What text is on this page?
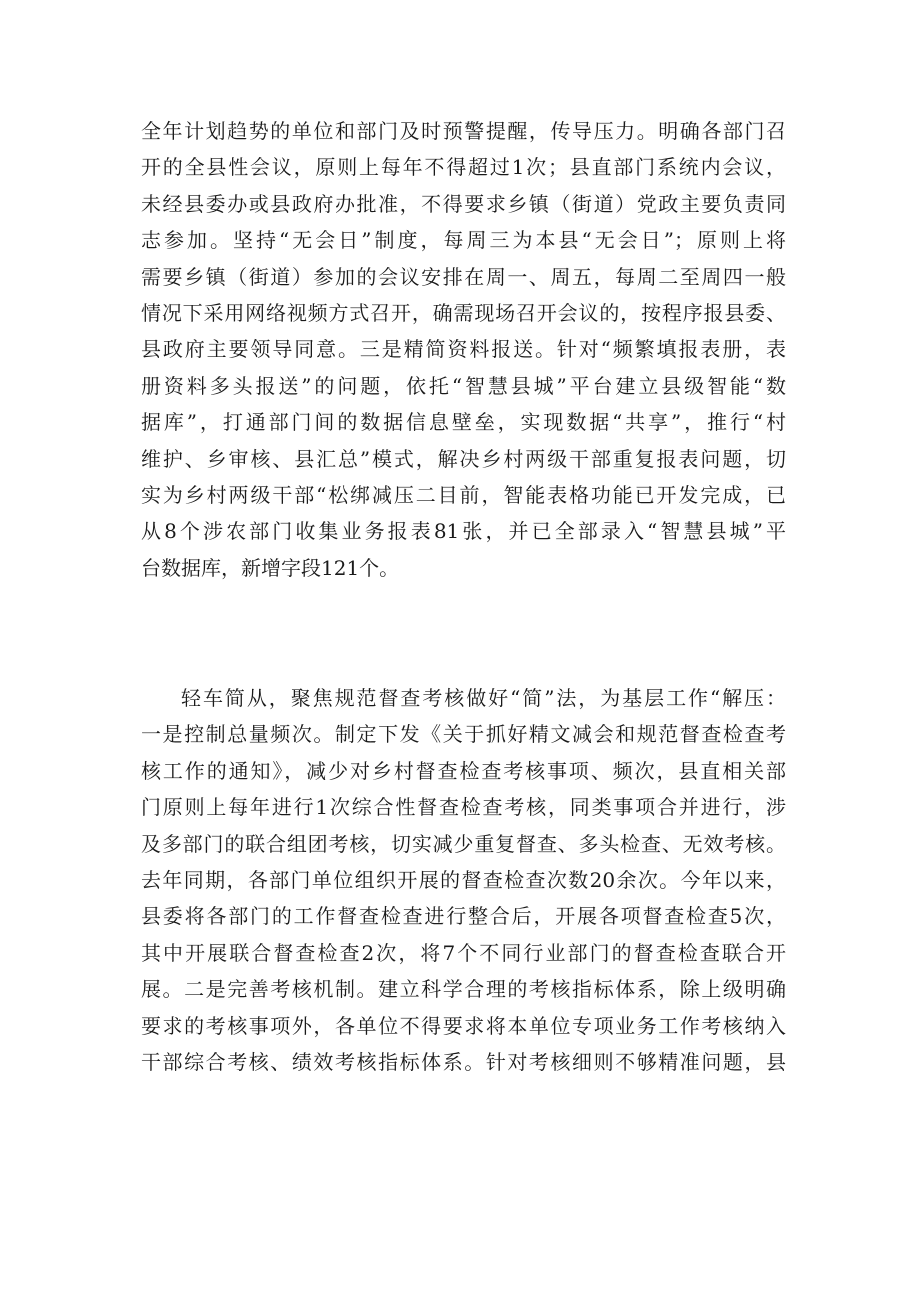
全年计划趋势的单位和部门及时预警提醒，传导压力。明确各部门召
开的全县性会议，原则上每年不得超过1次；县直部门系统内会议，
未经县委办或县政府办批准，不得要求乡镇（街道）党政主要负责同
志参加。坚持“无会日”制度，每周三为本县“无会日”；原则上将
需要乡镇（街道）参加的会议安排在周一、周五，每周二至周四一般
情况下采用网络视频方式召开，确需现场召开会议的，按程序报县委、
县政府主要领导同意。三是精简资料报送。针对“频繁填报表册，表
册资料多头报送”的问题，依托“智慧县城”平台建立县级智能“数
据库”，打通部门间的数据信息壁垒，实现数据“共享”，推行“村
维护、乡审核、县汇总”模式，解决乡村两级干部重复报表问题，切
实为乡村两级干部“松绑减压二目前，智能表格功能已开发完成，已
从8个涉农部门收集业务报表81张，并已全部录入“智慧县城”平
台数据库，新增字段121个。
轻车简从，聚焦规范督查考核做好“简”法，为基层工作“解压：
一是控制总量频次。制定下发《关于抓好精文减会和规范督查检查考
核工作的通知》，减少对乡村督查检查考核事项、频次，县直相关部
门原则上每年进行1次综合性督查检查考核，同类事项合并进行，涉
及多部门的联合组团考核，切实减少重复督查、多头检查、无效考核。
去年同期，各部门单位组织开展的督查检查次数20余次。今年以来，
县委将各部门的工作督查检查进行整合后，开展各项督查检查5次，
其中开展联合督查检查2次，将7个不同行业部门的督查检查联合开
展。二是完善考核机制。建立科学合理的考核指标体系，除上级明确
要求的考核事项外，各单位不得要求将本单位专项业务工作考核纳入
干部综合考核、绩效考核指标体系。针对考核细则不够精准问题，县
